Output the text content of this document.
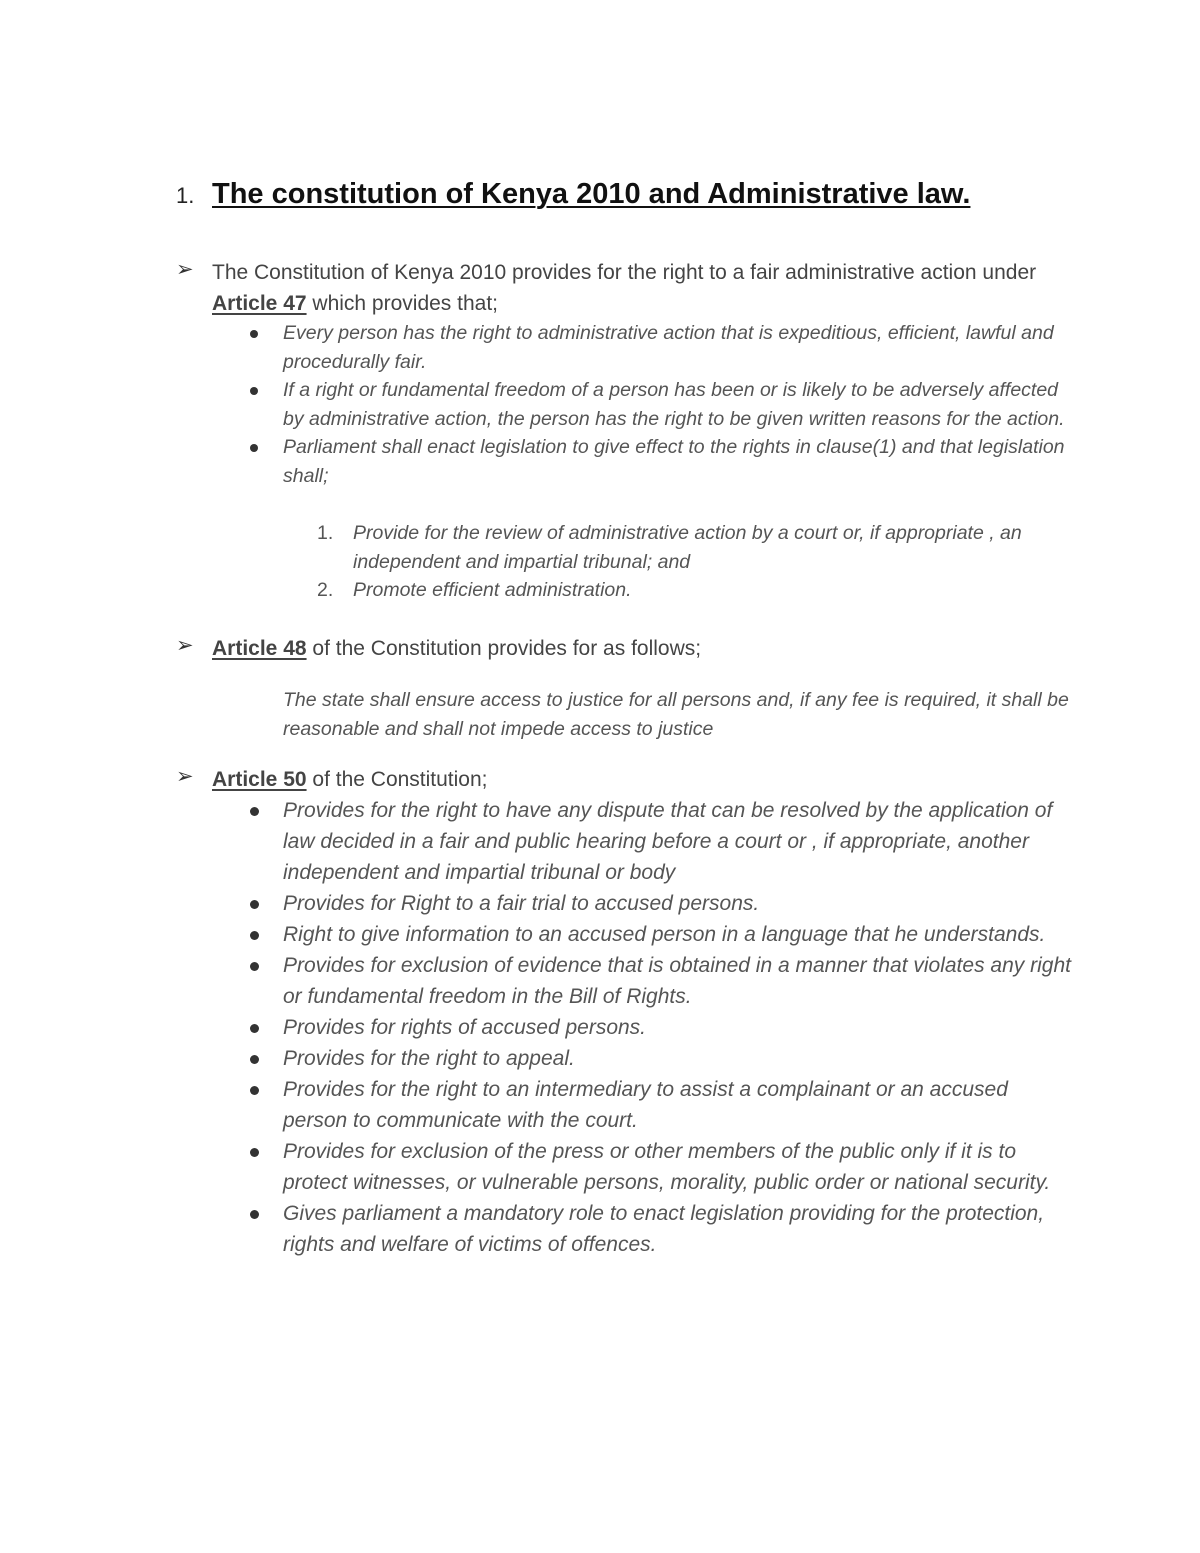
1. The constitution of Kenya 2010 and Administrative law.
➢ The Constitution of Kenya 2010 provides for the right to a fair administrative action under Article 47 which provides that;
Every person has the right to administrative action that is expeditious, efficient, lawful and procedurally fair.
If a right or fundamental freedom of a person has been or is likely to be adversely affected by administrative action, the person has the right to be given written reasons for the action.
Parliament shall enact legislation to give effect to the rights in clause(1) and that legislation shall;
1. Provide for the review of administrative action by a court or, if appropriate , an independent and impartial tribunal; and
2. Promote efficient administration.
➢ Article 48 of the Constitution provides for as follows;
The state shall ensure access to justice for all persons and, if any fee is required, it shall be reasonable and shall not impede access to justice
➢ Article 50 of the Constitution;
Provides for the right to have any dispute that can be resolved by the application of law decided in a fair and public hearing before a court or , if appropriate, another independent and impartial tribunal or body
Provides for Right to a fair trial to accused persons.
Right to give information to an accused person in a language that he understands.
Provides for exclusion of evidence that is obtained in a manner that violates any right or fundamental freedom in the Bill of Rights.
Provides for rights of accused persons.
Provides for the right to appeal.
Provides for the right to an intermediary to assist a complainant or an accused person to communicate with the court.
Provides for exclusion of the press or other members of the public only if it is to protect witnesses, or vulnerable persons, morality, public order or national security.
Gives parliament a mandatory role to enact legislation providing for the protection, rights and welfare of victims of offences.
